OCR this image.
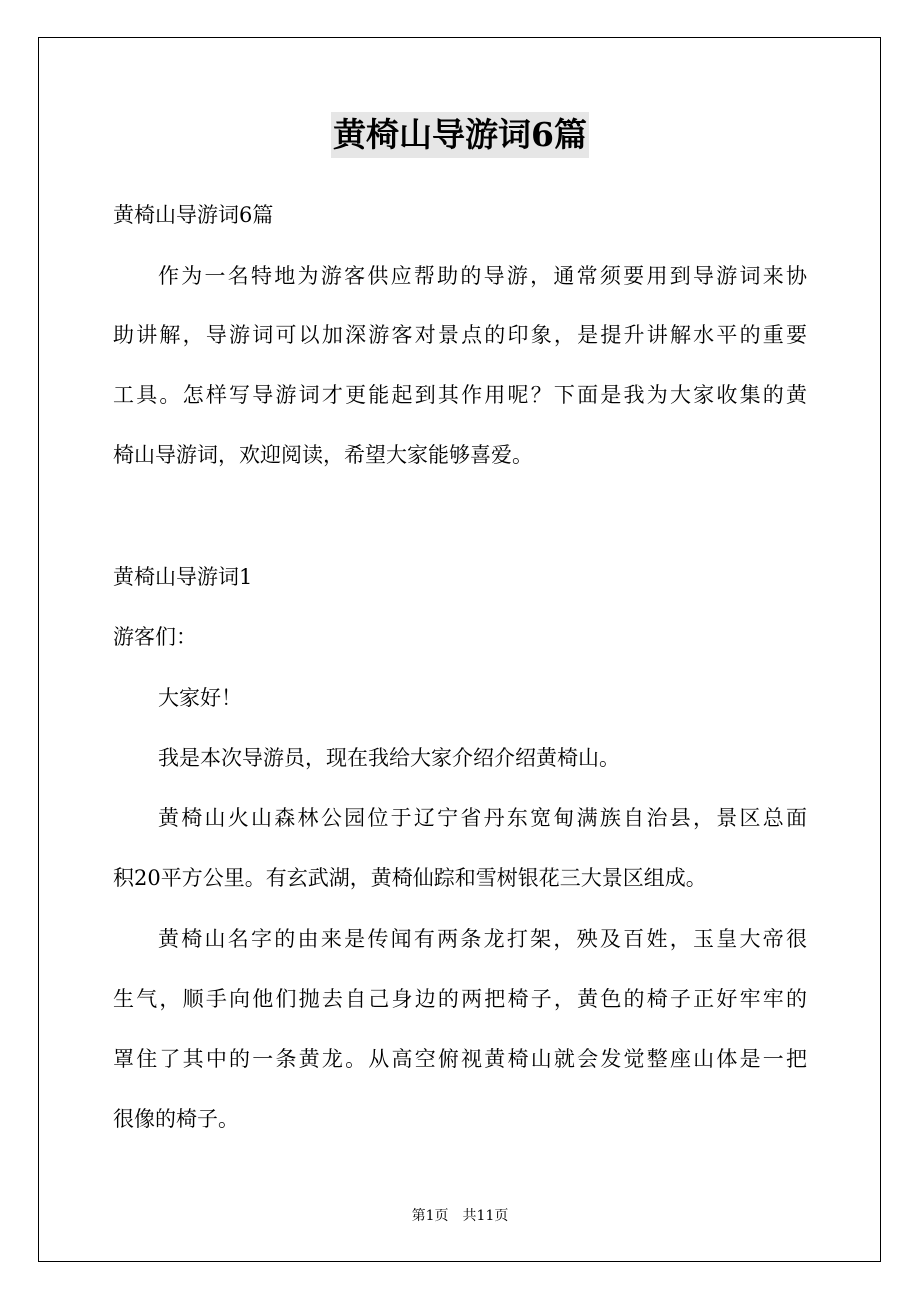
黄椅山导游词6篇
黄椅山导游词6篇
作为一名特地为游客供应帮助的导游，通常须要用到导游词来协
助讲解，导游词可以加深游客对景点的印象，是提升讲解水平的重要
工具。怎样写导游词才更能起到其作用呢？下面是我为大家收集的黄
椅山导游词，欢迎阅读，希望大家能够喜爱。
黄椅山导游词1
游客们：
大家好！
我是本次导游员，现在我给大家介绍介绍黄椅山。
黄椅山火山森林公园位于辽宁省丹东宽甸满族自治县，景区总面
积20平方公里。有玄武湖，黄椅仙踪和雪树银花三大景区组成。
黄椅山名字的由来是传闻有两条龙打架，殃及百姓，玉皇大帝很
生气，顺手向他们抛去自己身边的两把椅子，黄色的椅子正好牢牢的
罩住了其中的一条黄龙。从高空俯视黄椅山就会发觉整座山体是一把
很像的椅子。
第1页　共11页
